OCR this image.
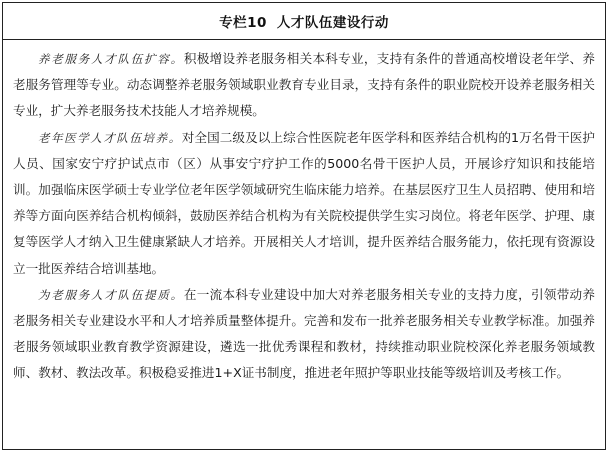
专栏10 人才队伍建设行动

养老服务人才队伍扩容。积极增设养老服务相关本科专业，支持有条件的普通高校增设老年学、养老服务管理等专业。动态调整养老服务领域职业教育专业目录，支持有条件的职业院校开设养老服务相关专业，扩大养老服务技术技能人才培养规模。

老年医学人才队伍培养。对全国二级及以上综合性医院老年医学科和医养结合机构的1万名骨干医护人员、国家安宁疗护试点市（区）从事安宁疗护工作的5000名骨干医护人员，开展诊疗知识和技能培训。加强临床医学硕士专业学位老年医学领域研究生临床能力培养。在基层医疗卫生人员招聘、使用和培养等方面向医养结合机构倾斜，鼓励医养结合机构为有关院校提供学生实习岗位。将老年医学、护理、康复等医学人才纳入卫生健康紧缺人才培养。开展相关人才培训，提升医养结合服务能力，依托现有资源设立一批医养结合培训基地。

为老服务人才队伍提质。在一流本科专业建设中加大对养老服务相关专业的支持力度，引领带动养老服务相关专业建设水平和人才培养质量整体提升。完善和发布一批养老服务相关专业教学标准。加强养老服务领域职业教育教学资源建设，遴选一批优秀课程和教材，持续推动职业院校深化养老服务领域教师、教材、教法改革。积极稳妥推进1+X证书制度，推进老年照护等职业技能等级培训及考核工作。
